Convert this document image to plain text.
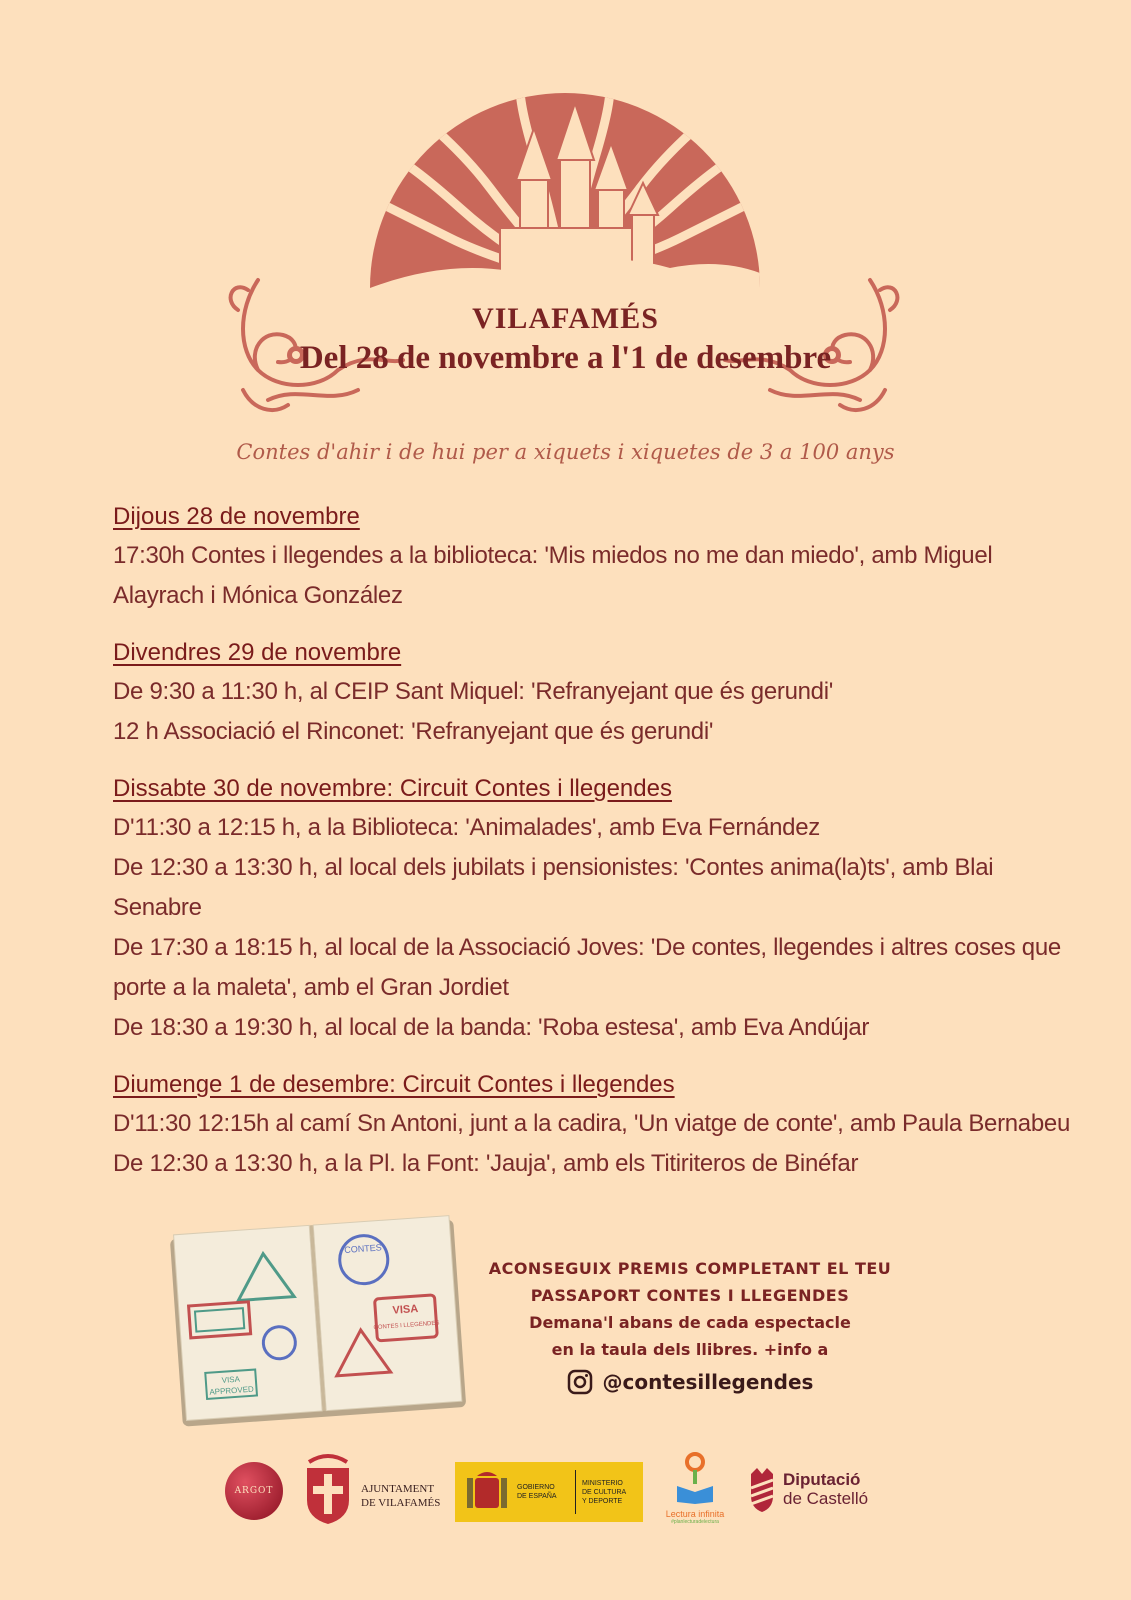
VILAFAMÉS
Del 28 de novembre a l'1 de desembre
Contes d'ahir i de hui per a xiquets i xiquetes de 3 a 100 anys
Dijous 28 de novembre
17:30h Contes i llegendes a la biblioteca: 'Mis miedos no me dan miedo', amb Miguel
Alayrach i Mónica González
Divendres 29 de novembre
De 9:30 a 11:30 h, al CEIP Sant Miquel: 'Refranyejant que és gerundi'
12 h Associació el Rinconet: 'Refranyejant que és gerundi'
Dissabte 30 de novembre: Circuit Contes i llegendes
D'11:30 a 12:15 h, a la Biblioteca: 'Animalades', amb Eva Fernández
De 12:30 a 13:30 h, al local dels jubilats i pensionistes: 'Contes anima(la)ts', amb Blai
Senabre
De 17:30 a 18:15 h, al local de la Associació Joves: 'De contes, llegendes i altres coses que
porte a la maleta', amb el Gran Jordiet
De 18:30 a 19:30 h, al local de la banda: 'Roba estesa', amb Eva Andújar
Diumenge 1 de desembre: Circuit Contes i llegendes
D'11:30 12:15h al camí Sn Antoni, junt a la cadira, 'Un viatge de conte', amb Paula Bernabeu
De 12:30 a 13:30 h, a la Pl. la Font: 'Jauja', amb els Titiriteros de Binéfar
VISA
APPROVED
CONTES
VISA
CONTES I LLEGENDES
ACONSEGUIX PREMIS COMPLETANT EL TEU
PASSAPORT CONTES I LLEGENDES
Demana'l abans de cada espectacle
en la taula dels llibres. +info a
@contesillegendes
ARGOT	AJUNTAMENT
DE VILAFAMÉS
GOBIERNO
DE ESPAÑA
MINISTERIO
DE CULTURA
Y DEPORTE
Lectura infinita
#planlecturadelectura
Diputació
de Castelló
